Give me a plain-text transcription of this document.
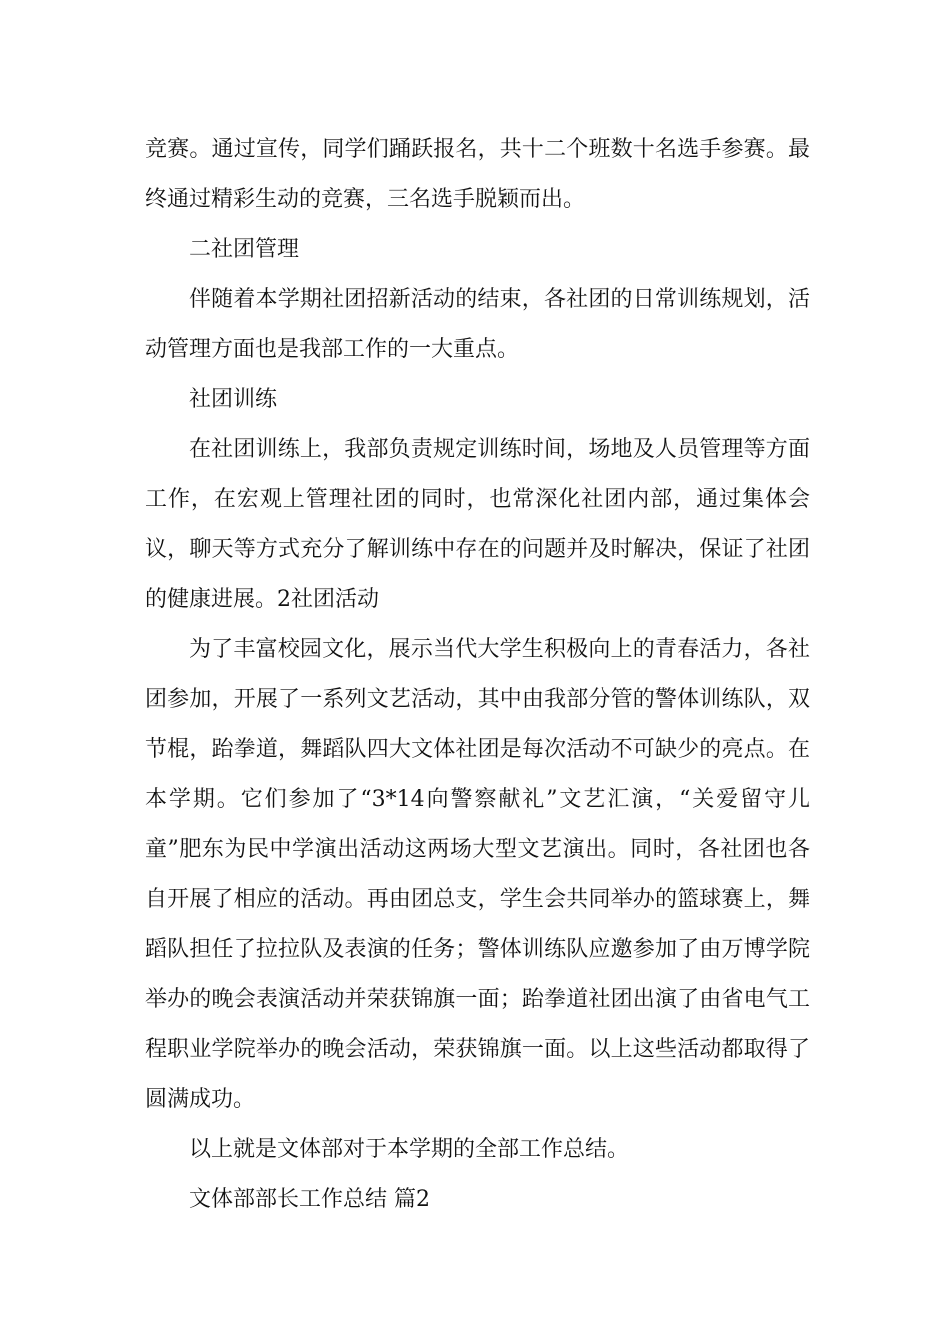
竞赛。通过宣传，同学们踊跃报名，共十二个班数十名选手参赛。最终通过精彩生动的竞赛，三名选手脱颖而出。

二社团管理

伴随着本学期社团招新活动的结束，各社团的日常训练规划，活动管理方面也是我部工作的一大重点。

社团训练

在社团训练上，我部负责规定训练时间，场地及人员管理等方面工作，在宏观上管理社团的同时，也常深化社团内部，通过集体会议，聊天等方式充分了解训练中存在的问题并及时解决，保证了社团的健康进展。2社团活动

为了丰富校园文化，展示当代大学生积极向上的青春活力，各社团参加，开展了一系列文艺活动，其中由我部分管的警体训练队，双节棍，跆拳道，舞蹈队四大文体社团是每次活动不可缺少的亮点。在本学期。它们参加了“3*14向警察献礼”文艺汇演，“关爱留守儿童”肥东为民中学演出活动这两场大型文艺演出。同时，各社团也各自开展了相应的活动。再由团总支，学生会共同举办的篮球赛上，舞蹈队担任了拉拉队及表演的任务；警体训练队应邀参加了由万博学院举办的晚会表演活动并荣获锦旗一面；跆拳道社团出演了由省电气工程职业学院举办的晚会活动，荣获锦旗一面。以上这些活动都取得了圆满成功。

以上就是文体部对于本学期的全部工作总结。

文体部部长工作总结 篇2
